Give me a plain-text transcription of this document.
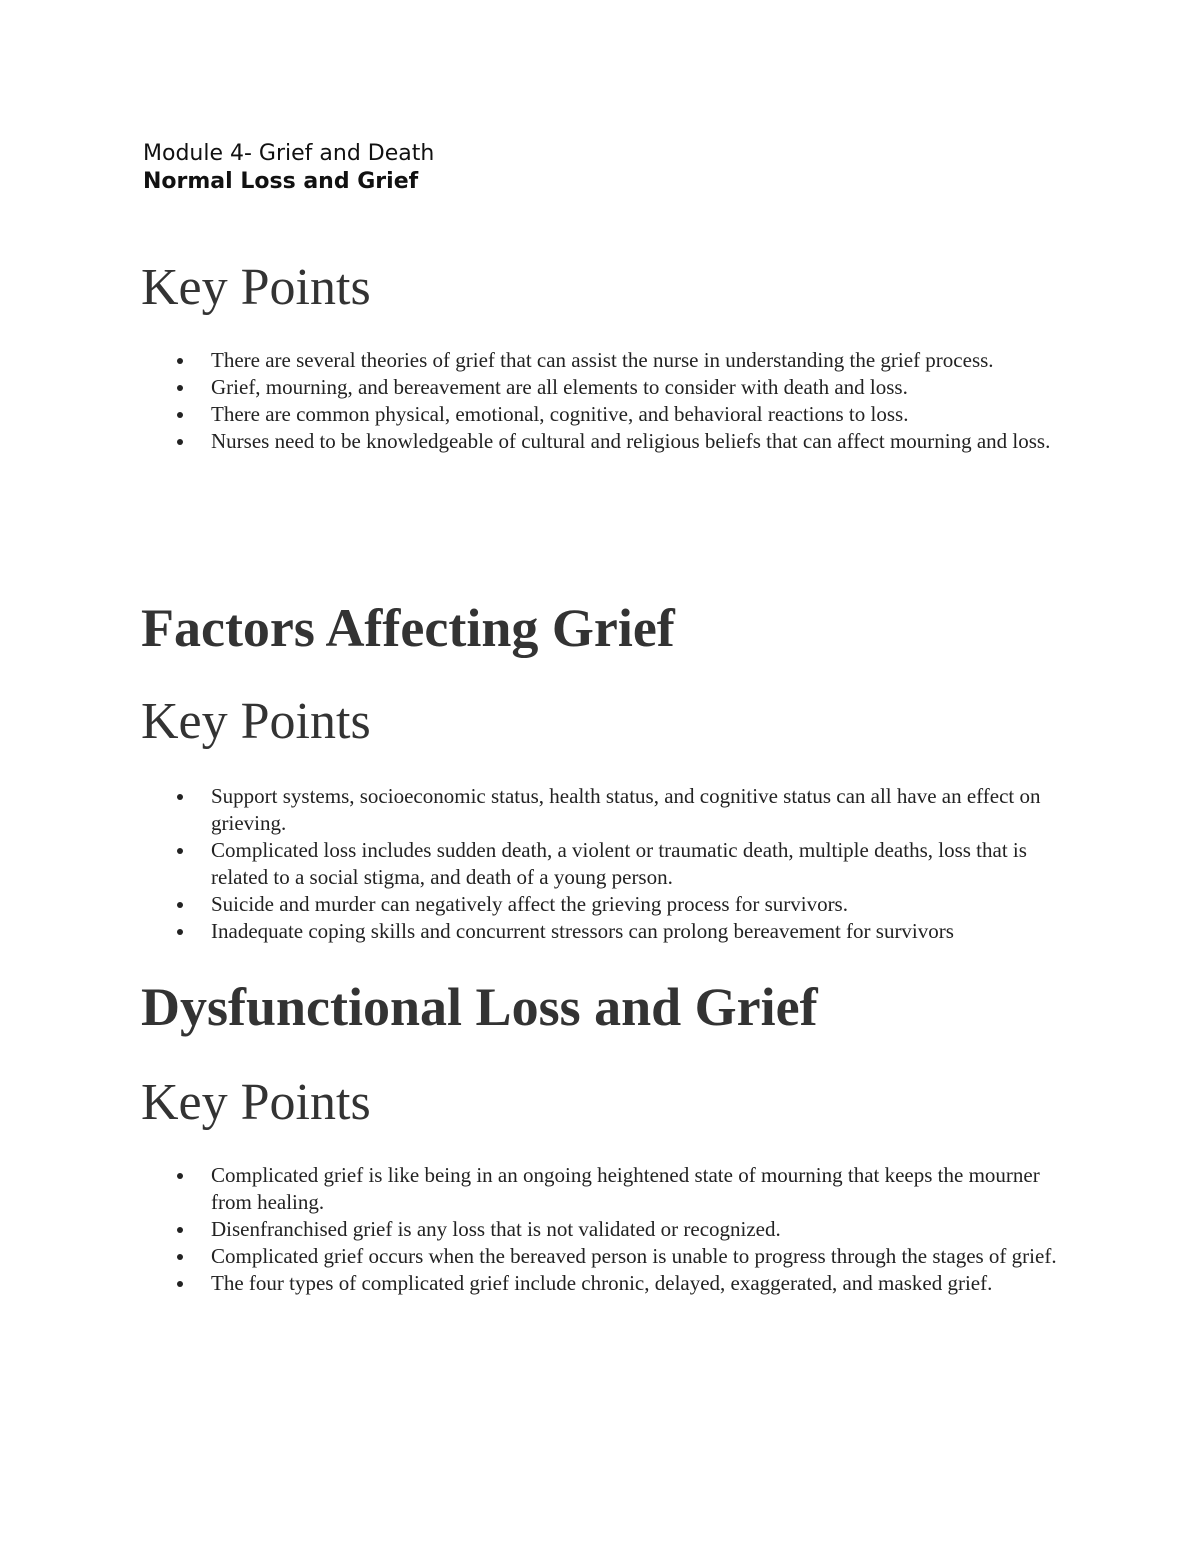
Module 4- Grief and Death
Normal Loss and Grief
Key Points
There are several theories of grief that can assist the nurse in understanding the grief process.
Grief, mourning, and bereavement are all elements to consider with death and loss.
There are common physical, emotional, cognitive, and behavioral reactions to loss.
Nurses need to be knowledgeable of cultural and religious beliefs that can affect mourning and loss.
Factors Affecting Grief
Key Points
Support systems, socioeconomic status, health status, and cognitive status can all have an effect on grieving.
Complicated loss includes sudden death, a violent or traumatic death, multiple deaths, loss that is related to a social stigma, and death of a young person.
Suicide and murder can negatively affect the grieving process for survivors.
Inadequate coping skills and concurrent stressors can prolong bereavement for survivors
Dysfunctional Loss and Grief
Key Points
Complicated grief is like being in an ongoing heightened state of mourning that keeps the mourner from healing.
Disenfranchised grief is any loss that is not validated or recognized.
Complicated grief occurs when the bereaved person is unable to progress through the stages of grief.
The four types of complicated grief include chronic, delayed, exaggerated, and masked grief.
